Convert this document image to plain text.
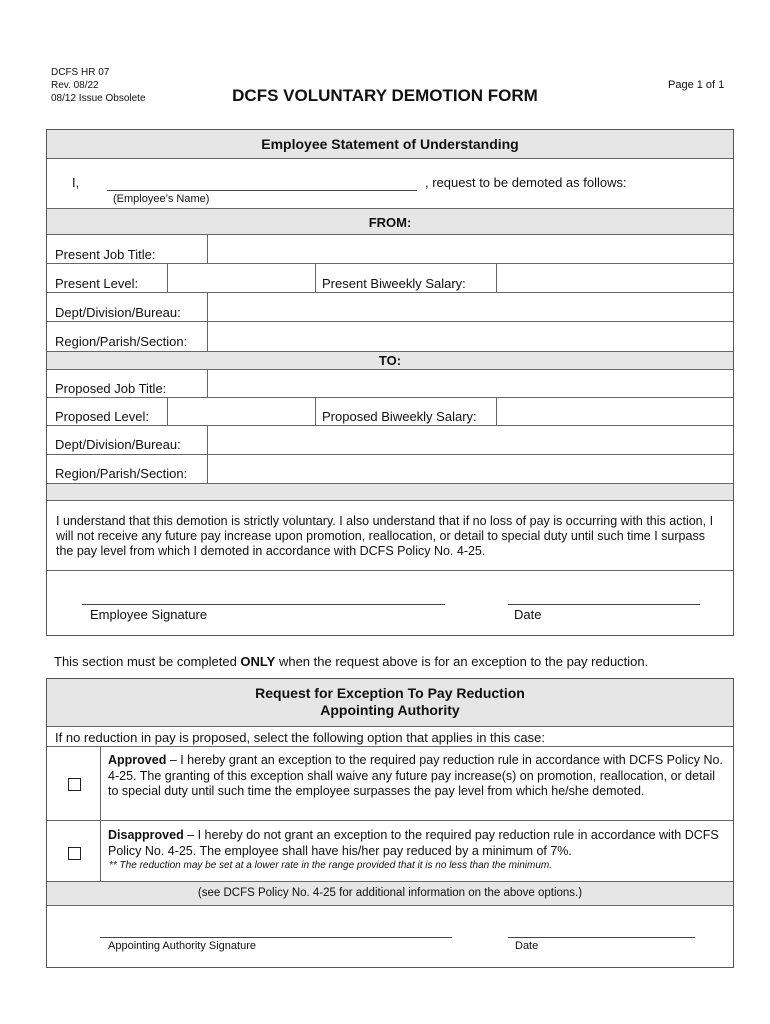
DCFS HR 07
Rev. 08/22
08/12 Issue Obsolete	DCFS VOLUNTARY DEMOTION FORM
Page 1 of 1
Employee Statement of Understanding
I,	, request to be demoted as follows:
(Employee’s Name)
FROM:
Present Job Title:
Present Level:	Present Biweekly Salary:
Dept/Division/Bureau:
Region/Parish/Section:
TO:
Proposed Job Title:
Proposed Level:	Proposed Biweekly Salary:
Dept/Division/Bureau:
Region/Parish/Section:
I understand that this demotion is strictly voluntary. I also understand that if no loss of pay is occurring with this action, I will not receive any future pay increase upon promotion, reallocation, or detail to special duty until such time I surpass the pay level from which I demoted in accordance with DCFS Policy No. 4-25.
Employee Signature	Date
This section must be completed ONLY when the request above is for an exception to the pay reduction.
Request for Exception To Pay Reduction
Appointing Authority
If no reduction in pay is proposed, select the following option that applies in this case:
Approved – I hereby grant an exception to the required pay reduction rule in accordance with DCFS Policy No. 4-25. The granting of this exception shall waive any future pay increase(s) on promotion, reallocation, or detail to special duty until such time the employee surpasses the pay level from which he/she demoted.
Disapproved – I hereby do not grant an exception to the required pay reduction rule in accordance with DCFS Policy No. 4-25. The employee shall have his/her pay reduced by a minimum of 7%.
** The reduction may be set at a lower rate in the range provided that it is no less than the minimum.
(see DCFS Policy No. 4-25 for additional information on the above options.)
Appointing Authority Signature	Date
